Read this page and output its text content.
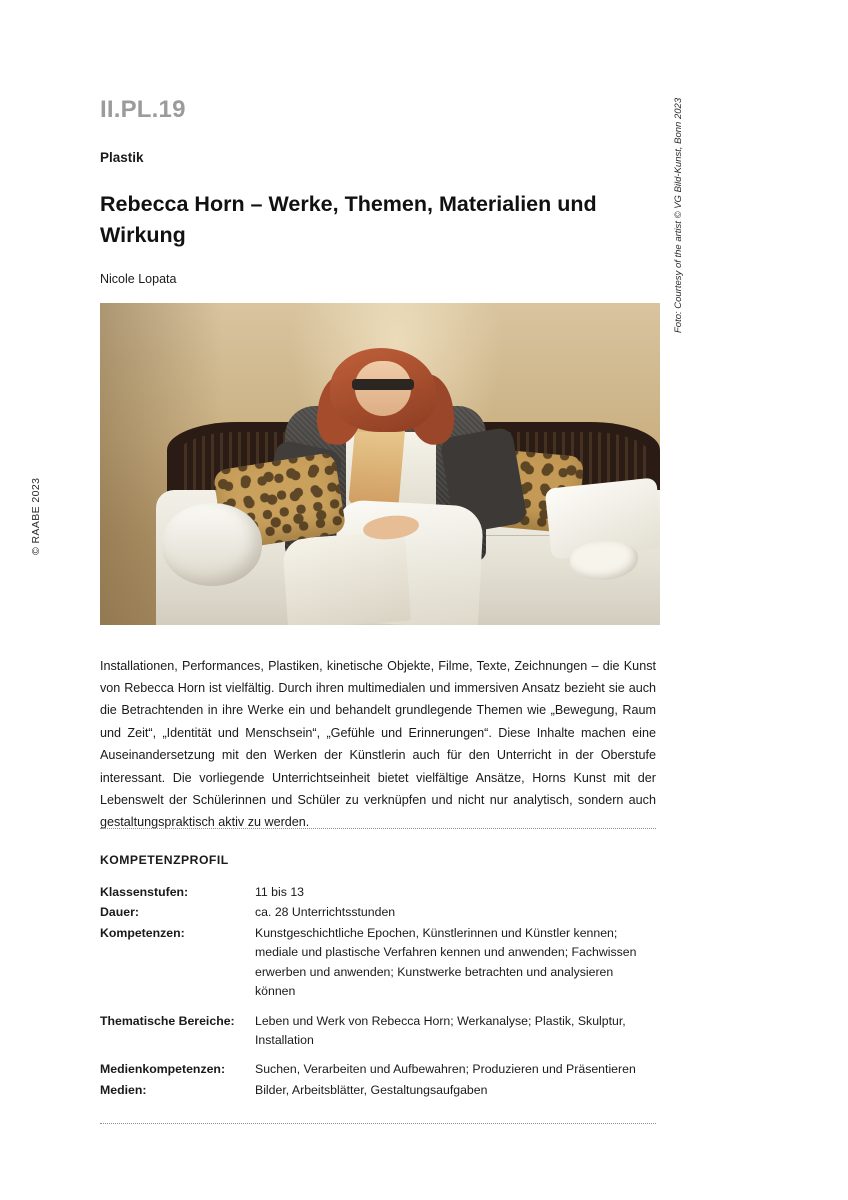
© RAABE 2023
II.PL.19
Plastik
Rebecca Horn – Werke, Themen, Materialien und Wirkung
Nicole Lopata	Foto: Courtesy of the artist © VG Bild-Kunst, Bonn 2023

Installationen, Performances, Plastiken, kinetische Objekte, Filme, Texte, Zeichnungen – die Kunst von Rebecca Horn ist vielfältig. Durch ihren multimedialen und immersiven Ansatz bezieht sie auch die Betrachtenden in ihre Werke ein und behandelt grundlegende Themen wie „Bewegung, Raum und Zeit“, „Identität und Menschsein“, „Gefühle und Erinnerungen“. Diese Inhalte machen eine Auseinandersetzung mit den Werken der Künstlerin auch für den Unterricht in der Oberstufe interessant. Die vorliegende Unterrichtseinheit bietet vielfältige Ansätze, Horns Kunst mit der Lebenswelt der Schülerinnen und Schüler zu verknüpfen und nicht nur analytisch, sondern auch gestaltungspraktisch aktiv zu werden.

KOMPETENZPROFIL
Klassenstufen:	11 bis 13
Dauer:	ca. 28 Unterrichtsstunden
Kompetenzen:	Kunstgeschichtliche Epochen, Künstlerinnen und Künstler kennen; mediale und plastische Verfahren kennen und anwenden; Fachwissen erwerben und anwenden; Kunstwerke betrachten und analysieren können
Thematische Bereiche:	Leben und Werk von Rebecca Horn; Werkanalyse; Plastik, Skulptur, Installation
Medienkompetenzen:	Suchen, Verarbeiten und Aufbewahren; Produzieren und Präsentieren
Medien:	Bilder, Arbeitsblätter, Gestaltungsaufgaben
